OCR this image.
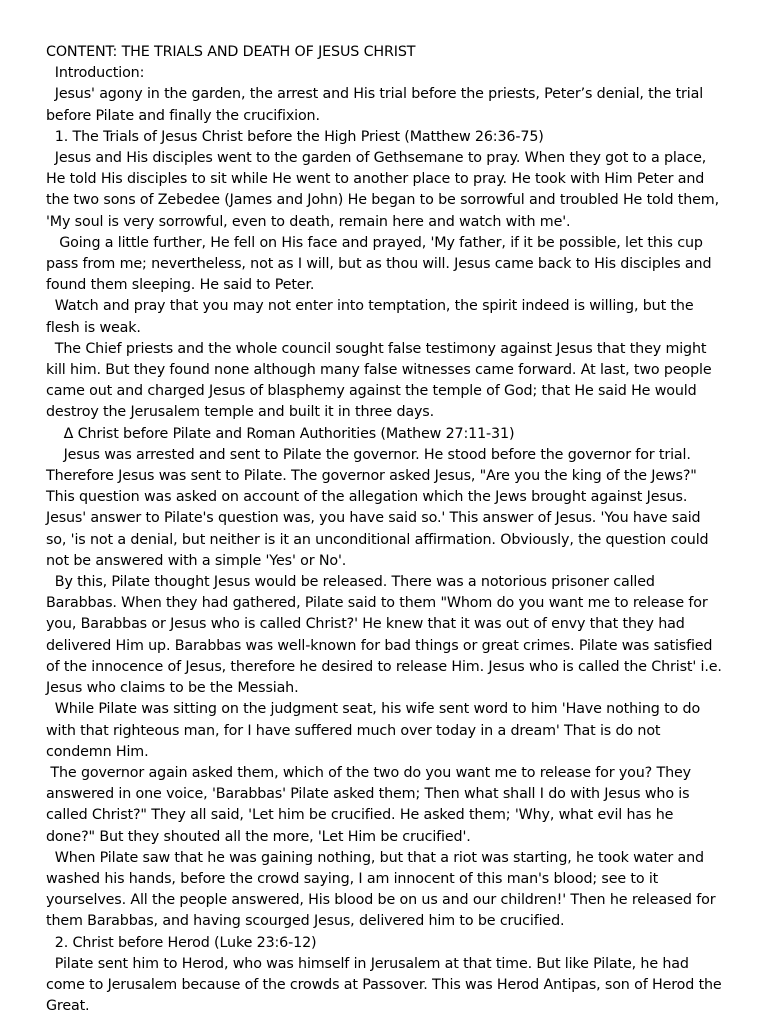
CONTENT: THE TRIALS AND DEATH OF JESUS CHRIST

Introduction:

Jesus' agony in the garden, the arrest and His trial before the priests, Peter’s denial, the trial before Pilate and finally the crucifixion.

1. The Trials of Jesus Christ before the High Priest (Matthew 26:36-75)

Jesus and His disciples went to the garden of Gethsemane to pray. When they got to a place, He told His disciples to sit while He went to another place to pray. He took with Him Peter and the two sons of Zebedee (James and John) He began to be sorrowful and troubled He told them, 'My soul is very sorrowful, even to death, remain here and watch with me'.

Going a little further, He fell on His face and prayed, 'My father, if it be possible, let this cup pass from me; nevertheless, not as I will, but as thou will. Jesus came back to His disciples and found them sleeping. He said to Peter.

Watch and pray that you may not enter into temptation, the spirit indeed is willing, but the flesh is weak.

The Chief priests and the whole council sought false testimony against Jesus that they might kill him. But they found none although many false witnesses came forward. At last, two people came out and charged Jesus of blasphemy against the temple of God; that He said He would destroy the Jerusalem temple and built it in three days.

Δ Christ before Pilate and Roman Authorities (Mathew 27:11-31)

Jesus was arrested and sent to Pilate the governor. He stood before the governor for trial. Therefore Jesus was sent to Pilate. The governor asked Jesus, "Are you the king of the Jews?" This question was asked on account of the allegation which the Jews brought against Jesus. Jesus' answer to Pilate's question was, you have said so.' This answer of Jesus. 'You have said so, 'is not a denial, but neither is it an unconditional affirmation. Obviously, the question could not be answered with a simple 'Yes' or No'.

By this, Pilate thought Jesus would be released. There was a notorious prisoner called Barabbas. When they had gathered, Pilate said to them "Whom do you want me to release for you, Barabbas or Jesus who is called Christ?' He knew that it was out of envy that they had delivered Him up. Barabbas was well-known for bad things or great crimes. Pilate was satisfied of the innocence of Jesus, therefore he desired to release Him. Jesus who is called the Christ' i.e. Jesus who claims to be the Messiah.

While Pilate was sitting on the judgment seat, his wife sent word to him 'Have nothing to do with that righteous man, for I have suffered much over today in a dream' That is do not condemn Him.

The governor again asked them, which of the two do you want me to release for you? They answered in one voice, 'Barabbas' Pilate asked them; Then what shall I do with Jesus who is called Christ?" They all said, 'Let him be crucified. He asked them; 'Why, what evil has he done?" But they shouted all the more, 'Let Him be crucified'.

When Pilate saw that he was gaining nothing, but that a riot was starting, he took water and washed his hands, before the crowd saying, I am innocent of this man's blood; see to it yourselves. All the people answered, His blood be on us and our children!' Then he released for them Barabbas, and having scourged Jesus, delivered him to be crucified.

2. Christ before Herod (Luke 23:6-12)

Pilate sent him to Herod, who was himself in Jerusalem at that time. But like Pilate, he had come to Jerusalem because of the crowds at Passover. This was Herod Antipas, son of Herod the Great.
